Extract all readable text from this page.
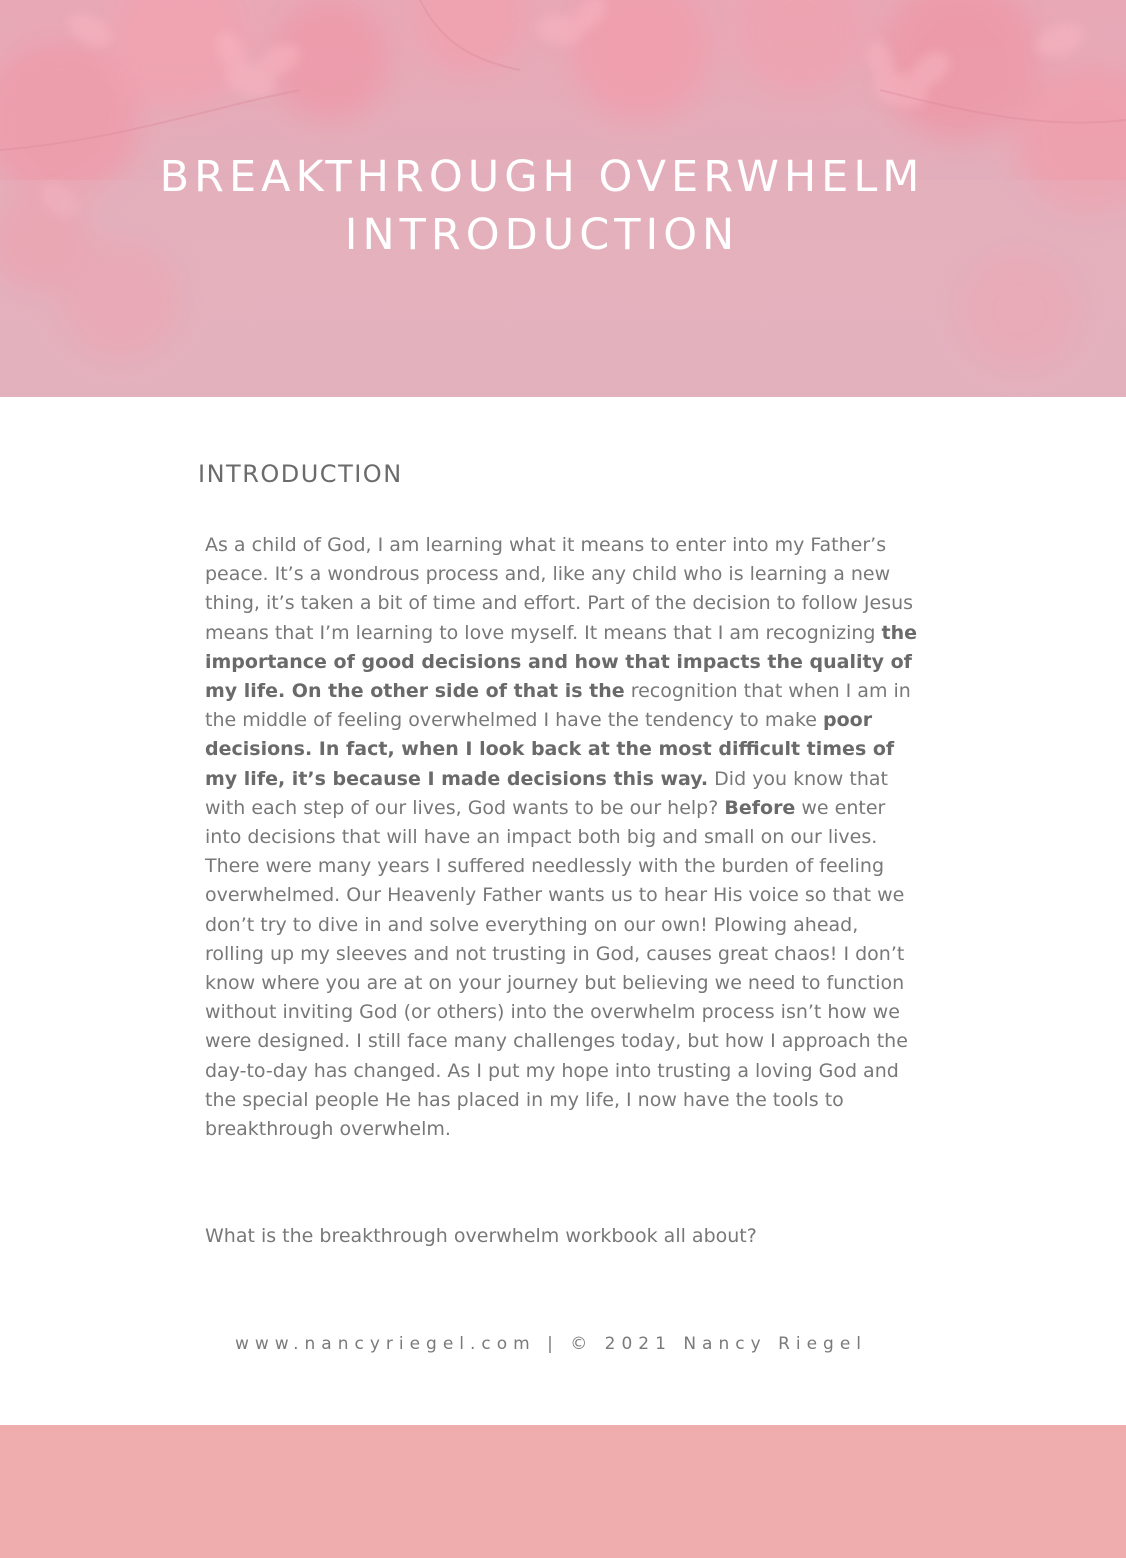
BREAKTHROUGH OVERWHELM
INTRODUCTION
INTRODUCTION

As a child of God, I am learning what it means to enter into my Father’s peace. It’s a wondrous process and, like any child who is learning a new thing, it’s taken a bit of time and effort. Part of the decision to follow Jesus means that I’m learning to love myself. It means that I am recognizing the importance of good decisions and how that impacts the quality of my life. On the other side of that is the recognition that when I am in the middle of feeling overwhelmed I have the tendency to make poor decisions. In fact, when I look back at the most difficult times of my life, it’s because I made decisions this way. Did you know that with each step of our lives, God wants to be our help? Before we enter into decisions that will have an impact both big and small on our lives. There were many years I suffered needlessly with the burden of feeling overwhelmed. Our Heavenly Father wants us to hear His voice so that we don’t try to dive in and solve everything on our own! Plowing ahead, rolling up my sleeves and not trusting in God, causes great chaos! I don’t know where you are at on your journey but believing we need to function without inviting God (or others) into the overwhelm process isn’t how we were designed. I still face many challenges today, but how I approach the day-to-day has changed. As I put my hope into trusting a loving God and the special people He has placed in my life, I now have the tools to breakthrough overwhelm.

What is the breakthrough overwhelm workbook all about?

www.nancyriegel.com | © 2021 Nancy Riegel
